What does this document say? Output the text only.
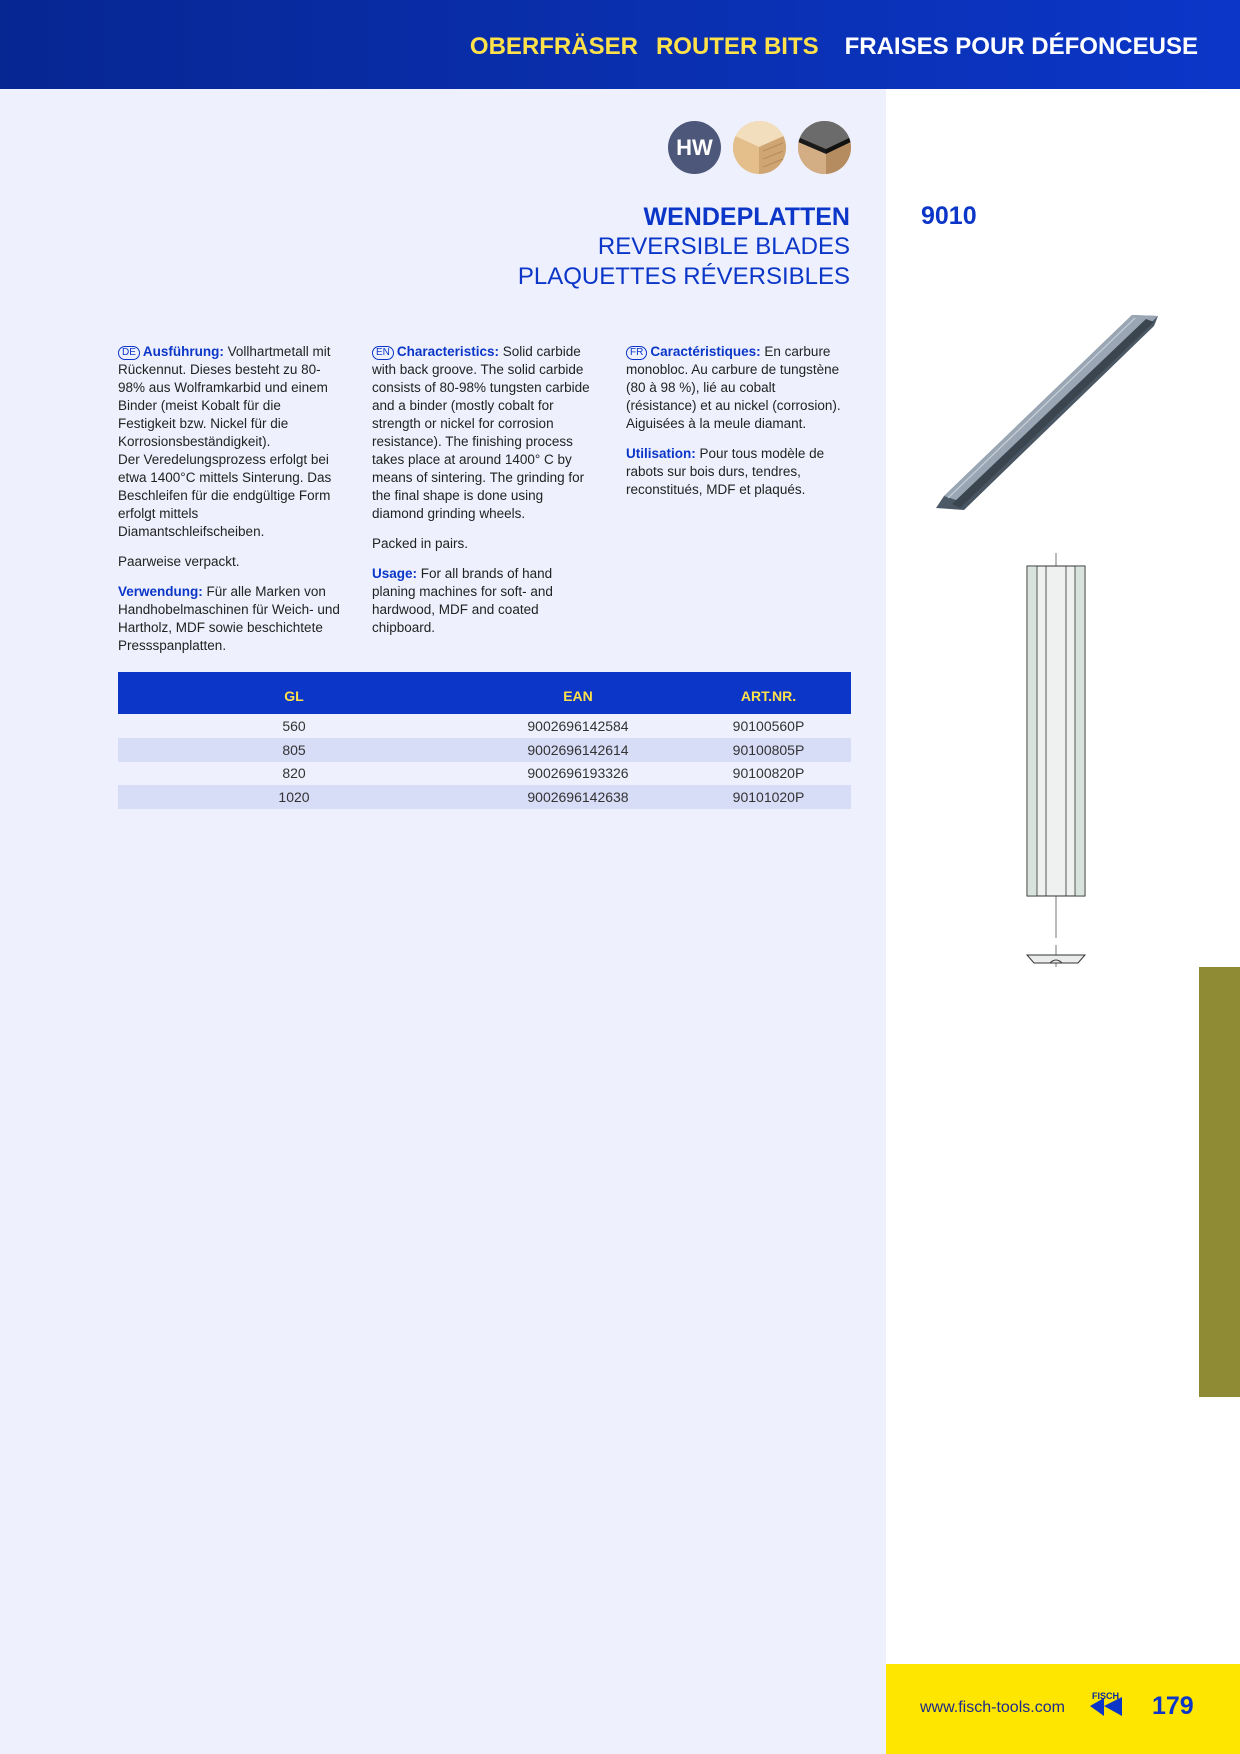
OBERFRÄSER ROUTER BITS FRAISES POUR DÉFONCEUSE
HW
WENDEPLATTEN
REVERSIBLE BLADES
PLAQUETTES RÉVERSIBLES
9010

DE Ausführung: Vollhartmetall mit Rückennut. Dieses besteht zu 80-98% aus Wolframkarbid und einem Binder (meist Kobalt für die Festigkeit bzw. Nickel für die Korrosionsbeständigkeit).
Der Veredelungsprozess erfolgt bei etwa 1400°C mittels Sinterung. Das Beschleifen für die endgültige Form erfolgt mittels Diamantschleifscheiben.

Paarweise verpackt.

Verwendung: Für alle Marken von Handhobelmaschinen für Weich- und Hartholz, MDF sowie beschichtete Pressspanplatten.

EN Characteristics: Solid carbide with back groove. The solid carbide consists of 80-98% tungsten carbide and a binder (mostly cobalt for strength or nickel for corrosion resistance). The finishing process takes place at around 1400° C by means of sintering. The grinding for the final shape is done using diamond grinding wheels.

Packed in pairs.

Usage: For all brands of hand planing machines for soft- and hardwood, MDF and coated chipboard.

FR Caractéristiques: En carbure monobloc. Au carbure de tungstène (80 à 98 %), lié au cobalt (résistance) et au nickel (corrosion). Aiguisées à la meule diamant.

Utilisation: Pour tous modèle de rabots sur bois durs, tendres, reconstitués, MDF et plaqués.

GL	EAN	ART.NR.
560	9002696142584	90100560P
805	9002696142614	90100805P
820	9002696193326	90100820P
1020	9002696142638	90101020P
www.fisch-tools.com
FISCH 179
